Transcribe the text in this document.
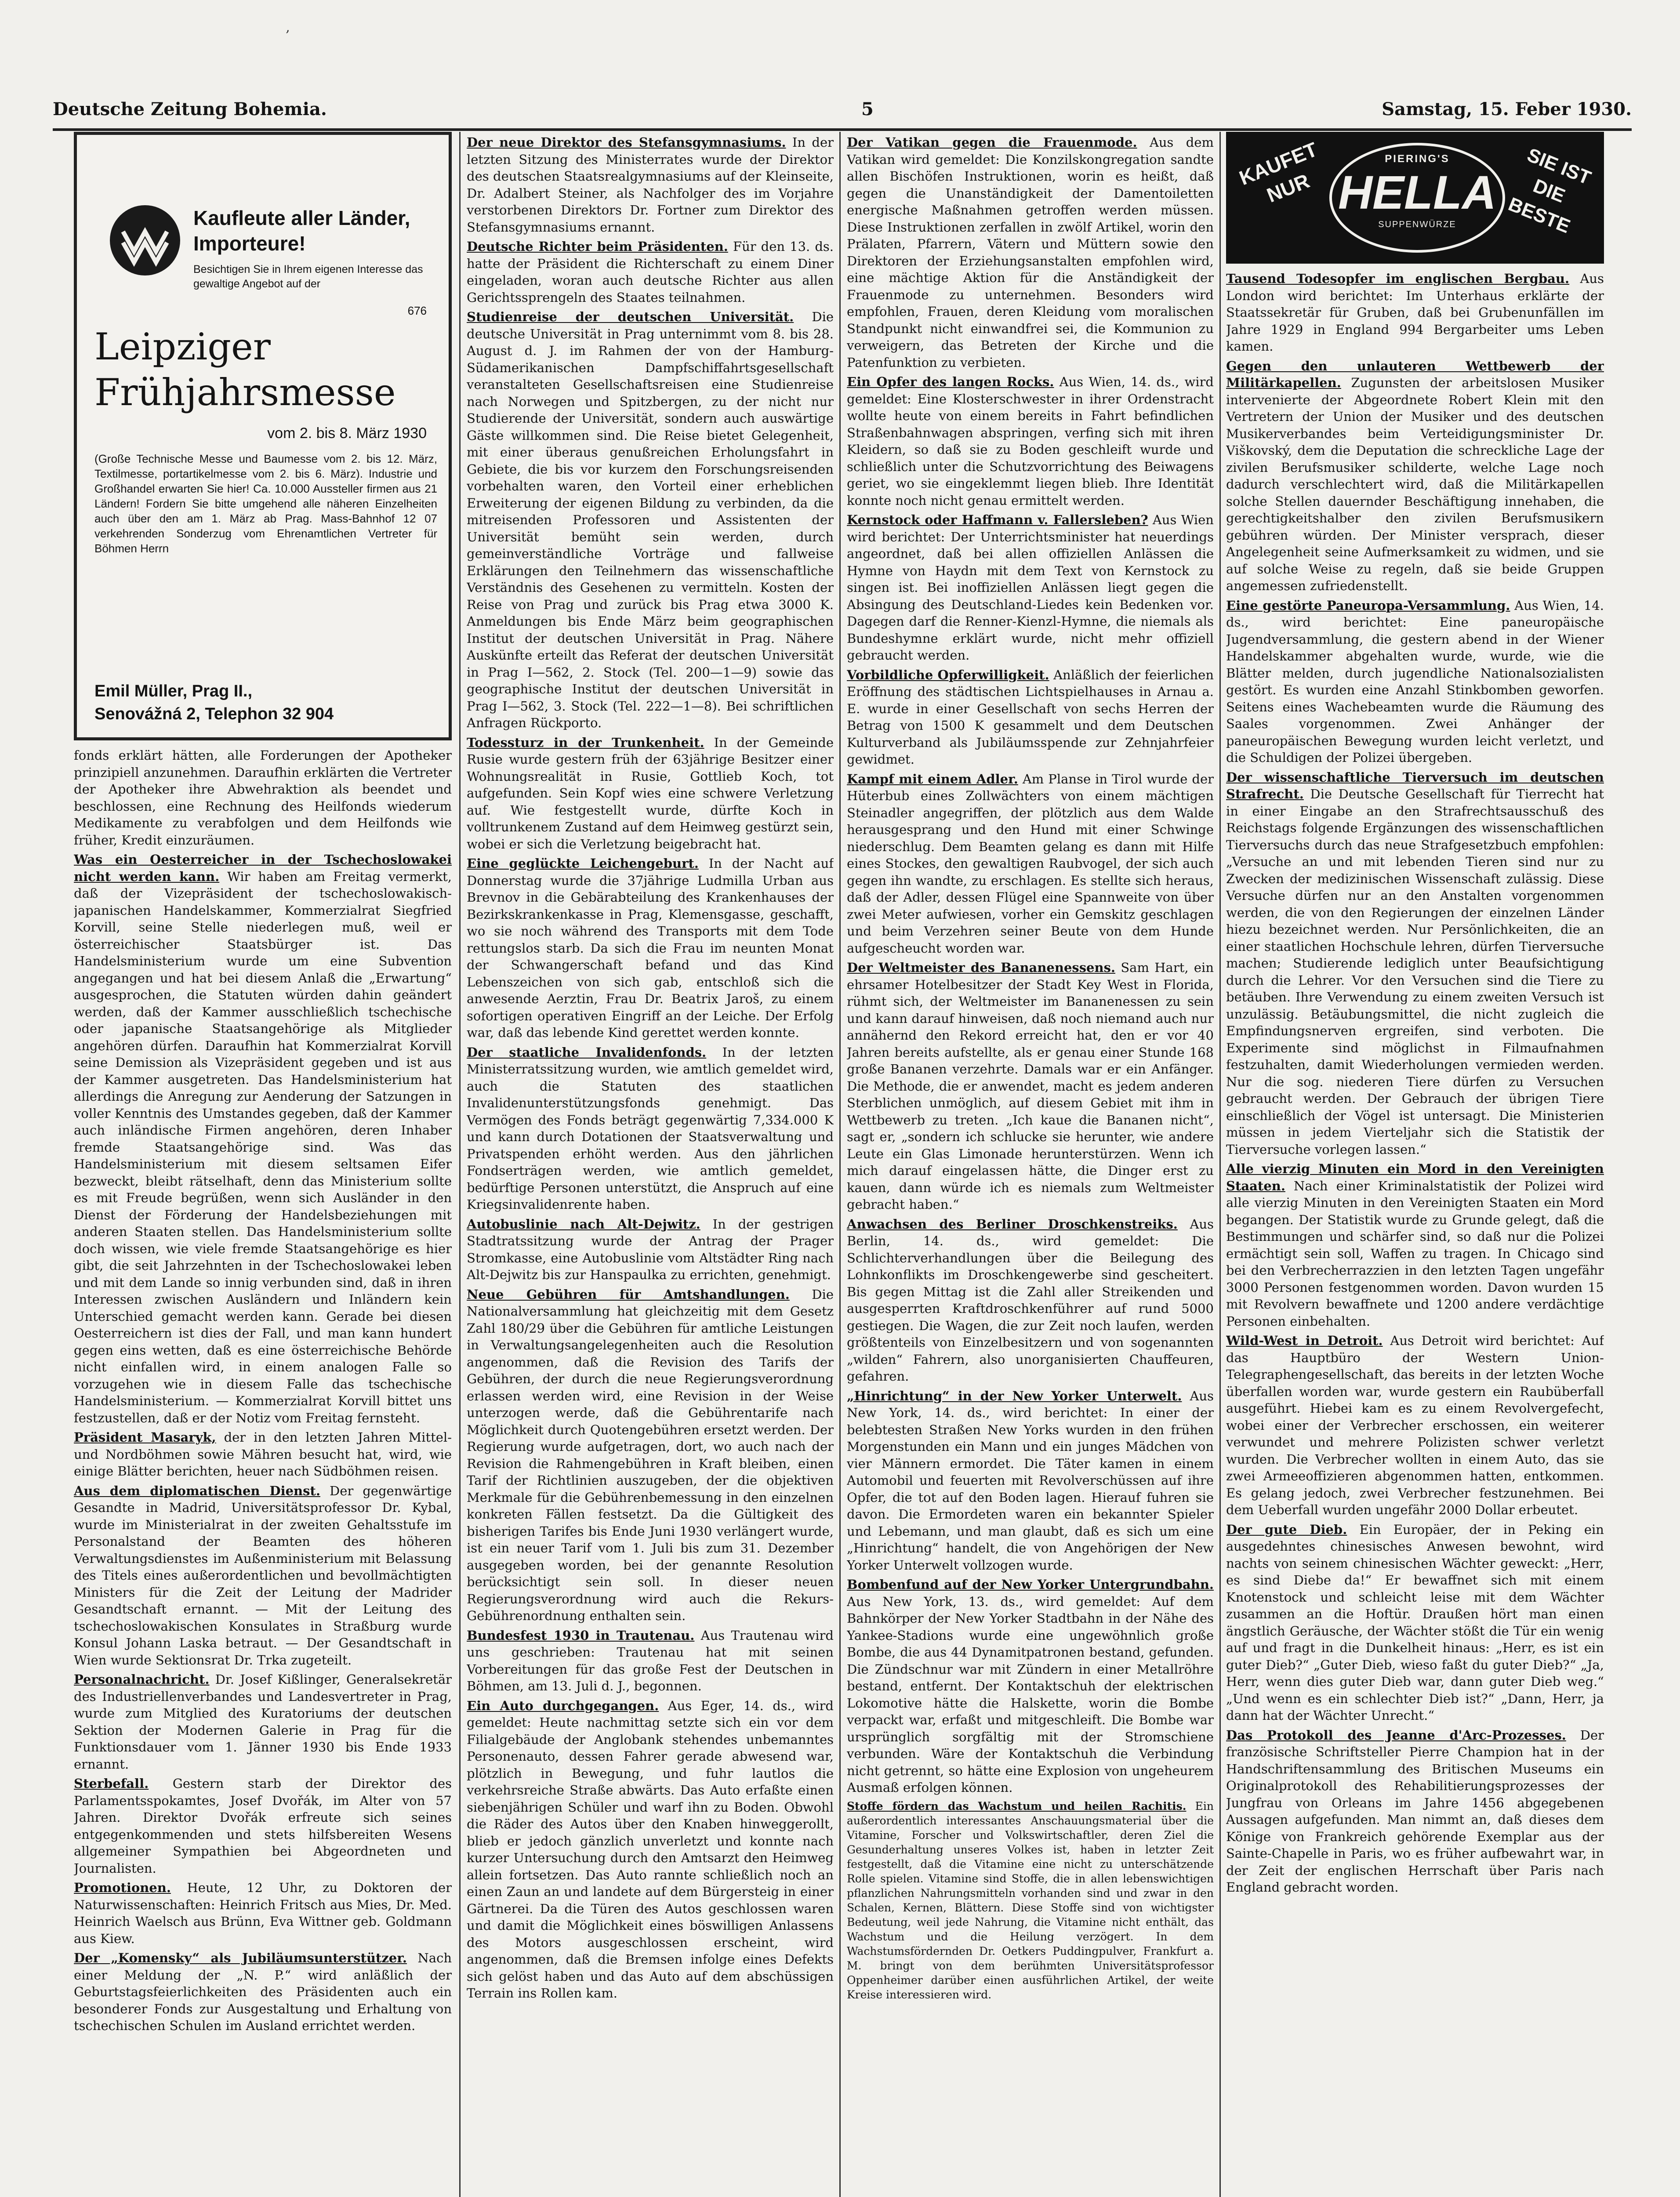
‚
Deutsche Zeitung Bohemia.	5	Samstag, 15. Feber 1930.
Kaufleute aller Länder, Importeure!
Besichtigen Sie in Ihrem eigenen Interesse das gewaltige Angebot auf der
676
Leipziger
Frühjahrsmesse
vom 2. bis 8. März 1930
(Große Technische Messe und Baumesse vom 2. bis 12. März, Textilmesse, portartikelmesse vom 2. bis 6. März). Industrie und Großhandel erwarten Sie hier! Ca. 10.000 Aussteller firmen aus 21 Ländern! Fordern Sie bitte umgehend alle näheren Einzelheiten auch über den am 1. März ab Prag. Mass-Bahnhof 12 07 verkehrenden Sonderzug vom Ehrenamtlichen Vertreter für Böhmen Herrn
Emil Müller, Prag II.,
Senovážná 2, Telephon 32 904
KAUFET NUR
PIERING'S
HELLA
SUPPENWÜRZE
SIE IST DIE BESTE

fonds erklärt hätten, alle Forderungen der Apotheker prinzipiell anzunehmen. Daraufhin erklärten die Vertreter der Apotheker ihre Abwehraktion als beendet und beschlossen, eine Rechnung des Heilfonds wiederum Medikamente zu verabfolgen und dem Heilfonds wie früher, Kredit einzuräumen.

Was ein Oesterreicher in der Tschechoslowakei nicht werden kann. Wir haben am Freitag vermerkt, daß der Vizepräsident der tschechoslowakisch-japanischen Handelskammer, Kommerzialrat Siegfried Korvill, seine Stelle niederlegen muß, weil er österreichischer Staatsbürger ist. Das Handelsministerium wurde um eine Subvention angegangen und hat bei diesem Anlaß die „Erwartung“ ausgesprochen, die Statuten würden dahin geändert werden, daß der Kammer ausschließlich tschechische oder japanische Staatsangehörige als Mitglieder angehören dürfen. Daraufhin hat Kommerzialrat Korvill seine Demission als Vizepräsident gegeben und ist aus der Kammer ausgetreten. Das Handelsministerium hat allerdings die Anregung zur Aenderung der Satzungen in voller Kenntnis des Umstandes gegeben, daß der Kammer auch inländische Firmen angehören, deren Inhaber fremde Staatsangehörige sind. Was das Handelsministerium mit diesem seltsamen Eifer bezweckt, bleibt rätselhaft, denn das Ministerium sollte es mit Freude begrüßen, wenn sich Ausländer in den Dienst der Förderung der Handelsbeziehungen mit anderen Staaten stellen. Das Handelsministerium sollte doch wissen, wie viele fremde Staatsangehörige es hier gibt, die seit Jahrzehnten in der Tschechoslowakei leben und mit dem Lande so innig verbunden sind, daß in ihren Interessen zwischen Ausländern und Inländern kein Unterschied gemacht werden kann. Gerade bei diesen Oesterreichern ist dies der Fall, und man kann hundert gegen eins wetten, daß es eine österreichische Behörde nicht einfallen wird, in einem analogen Falle so vorzugehen wie in diesem Falle das tschechische Handelsministerium. — Kommerzialrat Korvill bittet uns festzustellen, daß er der Notiz vom Freitag fernsteht.

Präsident Masaryk, der in den letzten Jahren Mittel- und Nordböhmen sowie Mähren besucht hat, wird, wie einige Blätter berichten, heuer nach Südböhmen reisen.

Aus dem diplomatischen Dienst. Der gegenwärtige Gesandte in Madrid, Universitätsprofessor Dr. Kybal, wurde im Ministerialrat in der zweiten Gehaltsstufe im Personalstand der Beamten des höheren Verwaltungsdienstes im Außenministerium mit Belassung des Titels eines außerordentlichen und bevollmächtigten Ministers für die Zeit der Leitung der Madrider Gesandtschaft ernannt. — Mit der Leitung des tschechoslowakischen Konsulates in Straßburg wurde Konsul Johann Laska betraut. — Der Gesandtschaft in Wien wurde Sektionsrat Dr. Trka zugeteilt.

Personalnachricht. Dr. Josef Kißlinger, Generalsekretär des Industriellenverbandes und Landesvertreter in Prag, wurde zum Mitglied des Kuratoriums der deutschen Sektion der Modernen Galerie in Prag für die Funktionsdauer vom 1. Jänner 1930 bis Ende 1933 ernannt.

Sterbefall. Gestern starb der Direktor des Parlamentsspokamtes, Josef Dvořák, im Alter von 57 Jahren. Direktor Dvořák erfreute sich seines entgegenkommenden und stets hilfsbereiten Wesens allgemeiner Sympathien bei Abgeordneten und Journalisten.

Promotionen. Heute, 12 Uhr, zu Doktoren der Naturwissenschaften: Heinrich Fritsch aus Mies, Dr. Med. Heinrich Waelsch aus Brünn, Eva Wittner geb. Goldmann aus Kiew.

Der „Komensky“ als Jubiläumsunterstützer. Nach einer Meldung der „N. P.“ wird anläßlich der Geburtstagsfeierlichkeiten des Präsidenten auch ein besonderer Fonds zur Ausgestaltung und Erhaltung von tschechischen Schulen im Ausland errichtet werden.

Der neue Direktor des Stefansgymnasiums. In der letzten Sitzung des Ministerrates wurde der Direktor des deutschen Staatsrealgymnasiums auf der Kleinseite, Dr. Adalbert Steiner, als Nachfolger des im Vorjahre verstorbenen Direktors Dr. Fortner zum Direktor des Stefansgymnasiums ernannt.

Deutsche Richter beim Präsidenten. Für den 13. ds. hatte der Präsident die Richterschaft zu einem Diner eingeladen, woran auch deutsche Richter aus allen Gerichtssprengeln des Staates teilnahmen.

Studienreise der deutschen Universität. Die deutsche Universität in Prag unternimmt vom 8. bis 28. August d. J. im Rahmen der von der Hamburg-Südamerikanischen Dampfschiffahrtsgesellschaft veranstalteten Gesellschaftsreisen eine Studienreise nach Norwegen und Spitzbergen, zu der nicht nur Studierende der Universität, sondern auch auswärtige Gäste willkommen sind. Die Reise bietet Gelegenheit, mit einer überaus genußreichen Erholungsfahrt in Gebiete, die bis vor kurzem den Forschungsreisenden vorbehalten waren, den Vorteil einer erheblichen Erweiterung der eigenen Bildung zu verbinden, da die mitreisenden Professoren und Assistenten der Universität bemüht sein werden, durch gemeinverständliche Vorträge und fallweise Erklärungen den Teilnehmern das wissenschaftliche Verständnis des Gesehenen zu vermitteln. Kosten der Reise von Prag und zurück bis Prag etwa 3000 K. Anmeldungen bis Ende März beim geographischen Institut der deutschen Universität in Prag. Nähere Auskünfte erteilt das Referat der deutschen Universität in Prag I—562, 2. Stock (Tel. 200—1—9) sowie das geographische Institut der deutschen Universität in Prag I—562, 3. Stock (Tel. 222—1—8). Bei schriftlichen Anfragen Rückporto.

Todessturz in der Trunkenheit. In der Gemeinde Rusie wurde gestern früh der 63jährige Besitzer einer Wohnungsrealität in Rusie, Gottlieb Koch, tot aufgefunden. Sein Kopf wies eine schwere Verletzung auf. Wie festgestellt wurde, dürfte Koch in volltrunkenem Zustand auf dem Heimweg gestürzt sein, wobei er sich die Verletzung beigebracht hat.

Eine geglückte Leichengeburt. In der Nacht auf Donnerstag wurde die 37jährige Ludmilla Urban aus Brevnov in die Gebärabteilung des Krankenhauses der Bezirkskrankenkasse in Prag, Klemensgasse, geschafft, wo sie noch während des Transports mit dem Tode rettungslos starb. Da sich die Frau im neunten Monat der Schwangerschaft befand und das Kind Lebenszeichen von sich gab, entschloß sich die anwesende Aerztin, Frau Dr. Beatrix Jaroš, zu einem sofortigen operativen Eingriff an der Leiche. Der Erfolg war, daß das lebende Kind gerettet werden konnte.

Der staatliche Invalidenfonds. In der letzten Ministerratssitzung wurden, wie amtlich gemeldet wird, auch die Statuten des staatlichen Invalidenunterstützungsfonds genehmigt. Das Vermögen des Fonds beträgt gegenwärtig 7,334.000 K und kann durch Dotationen der Staatsverwaltung und Privatspenden erhöht werden. Aus den jährlichen Fondserträgen werden, wie amtlich gemeldet, bedürftige Personen unterstützt, die Anspruch auf eine Kriegsinvalidenrente haben.

Autobuslinie nach Alt-Dejwitz. In der gestrigen Stadtratssitzung wurde der Antrag der Prager Stromkasse, eine Autobuslinie vom Altstädter Ring nach Alt-Dejwitz bis zur Hanspaulka zu errichten, genehmigt.

Neue Gebühren für Amtshandlungen. Die Nationalversammlung hat gleichzeitig mit dem Gesetz Zahl 180/29 über die Gebühren für amtliche Leistungen in Verwaltungsangelegenheiten auch die Resolution angenommen, daß die Revision des Tarifs der Gebühren, der durch die neue Regierungsverordnung erlassen werden wird, eine Revision in der Weise unterzogen werde, daß die Gebührentarife nach Möglichkeit durch Quotengebühren ersetzt werden. Der Regierung wurde aufgetragen, dort, wo auch nach der Revision die Rahmengebühren in Kraft bleiben, einen Tarif der Richtlinien auszugeben, der die objektiven Merkmale für die Gebührenbemessung in den einzelnen konkreten Fällen festsetzt. Da die Gültigkeit des bisherigen Tarifes bis Ende Juni 1930 verlängert wurde, ist ein neuer Tarif vom 1. Juli bis zum 31. Dezember ausgegeben worden, bei der genannte Resolution berücksichtigt sein soll. In dieser neuen Regierungsverordnung wird auch die Rekurs-Gebührenordnung enthalten sein.

Bundesfest 1930 in Trautenau. Aus Trautenau wird uns geschrieben: Trautenau hat mit seinen Vorbereitungen für das große Fest der Deutschen in Böhmen, am 13. Juli d. J., begonnen.

Ein Auto durchgegangen. Aus Eger, 14. ds., wird gemeldet: Heute nachmittag setzte sich ein vor dem Filialgebäude der Anglobank stehendes unbemanntes Personenauto, dessen Fahrer gerade abwesend war, plötzlich in Bewegung, und fuhr lautlos die verkehrsreiche Straße abwärts. Das Auto erfaßte einen siebenjährigen Schüler und warf ihn zu Boden. Obwohl die Räder des Autos über den Knaben hinweggerollt, blieb er jedoch gänzlich unverletzt und konnte nach kurzer Untersuchung durch den Amtsarzt den Heimweg allein fortsetzen. Das Auto rannte schließlich noch an einen Zaun an und landete auf dem Bürgersteig in einer Gärtnerei. Da die Türen des Autos geschlossen waren und damit die Möglichkeit eines böswilligen Anlassens des Motors ausgeschlossen erscheint, wird angenommen, daß die Bremsen infolge eines Defekts sich gelöst haben und das Auto auf dem abschüssigen Terrain ins Rollen kam.

Der Vatikan gegen die Frauenmode. Aus dem Vatikan wird gemeldet: Die Konzilskongregation sandte allen Bischöfen Instruktionen, worin es heißt, daß gegen die Unanständigkeit der Damentoiletten energische Maßnahmen getroffen werden müssen. Diese Instruktionen zerfallen in zwölf Artikel, worin den Prälaten, Pfarrern, Vätern und Müttern sowie den Direktoren der Erziehungsanstalten empfohlen wird, eine mächtige Aktion für die Anständigkeit der Frauenmode zu unternehmen. Besonders wird empfohlen, Frauen, deren Kleidung vom moralischen Standpunkt nicht einwandfrei sei, die Kommunion zu verweigern, das Betreten der Kirche und die Patenfunktion zu verbieten.

Ein Opfer des langen Rocks. Aus Wien, 14. ds., wird gemeldet: Eine Klosterschwester in ihrer Ordenstracht wollte heute von einem bereits in Fahrt befindlichen Straßenbahnwagen abspringen, verfing sich mit ihren Kleidern, so daß sie zu Boden geschleift wurde und schließlich unter die Schutzvorrichtung des Beiwagens geriet, wo sie eingeklemmt liegen blieb. Ihre Identität konnte noch nicht genau ermittelt werden.

Kernstock oder Haffmann v. Fallersleben? Aus Wien wird berichtet: Der Unterrichtsminister hat neuerdings angeordnet, daß bei allen offiziellen Anlässen die Hymne von Haydn mit dem Text von Kernstock zu singen ist. Bei inoffiziellen Anlässen liegt gegen die Absingung des Deutschland-Liedes kein Bedenken vor. Dagegen darf die Renner-Kienzl-Hymne, die niemals als Bundeshymne erklärt wurde, nicht mehr offiziell gebraucht werden.

Vorbildliche Opferwilligkeit. Anläßlich der feierlichen Eröffnung des städtischen Lichtspielhauses in Arnau a. E. wurde in einer Gesellschaft von sechs Herren der Betrag von 1500 K gesammelt und dem Deutschen Kulturverband als Jubiläumsspende zur Zehnjahrfeier gewidmet.

Kampf mit einem Adler. Am Planse in Tirol wurde der Hüterbub eines Zollwächters von einem mächtigen Steinadler angegriffen, der plötzlich aus dem Walde herausgesprang und den Hund mit einer Schwinge niederschlug. Dem Beamten gelang es dann mit Hilfe eines Stockes, den gewaltigen Raubvogel, der sich auch gegen ihn wandte, zu erschlagen. Es stellte sich heraus, daß der Adler, dessen Flügel eine Spannweite von über zwei Meter aufwiesen, vorher ein Gemskitz geschlagen und beim Verzehren seiner Beute von dem Hunde aufgescheucht worden war.

Der Weltmeister des Bananenessens. Sam Hart, ein ehrsamer Hotelbesitzer der Stadt Key West in Florida, rühmt sich, der Weltmeister im Bananenessen zu sein und kann darauf hinweisen, daß noch niemand auch nur annähernd den Rekord erreicht hat, den er vor 40 Jahren bereits aufstellte, als er genau einer Stunde 168 große Bananen verzehrte. Damals war er ein Anfänger. Die Methode, die er anwendet, macht es jedem anderen Sterblichen unmöglich, auf diesem Gebiet mit ihm in Wettbewerb zu treten. „Ich kaue die Bananen nicht“, sagt er, „sondern ich schlucke sie herunter, wie andere Leute ein Glas Limonade herunterstürzen. Wenn ich mich darauf eingelassen hätte, die Dinger erst zu kauen, dann würde ich es niemals zum Weltmeister gebracht haben.“

Anwachsen des Berliner Droschkenstreiks. Aus Berlin, 14. ds., wird gemeldet: Die Schlichterverhandlungen über die Beilegung des Lohnkonflikts im Droschkengewerbe sind gescheitert. Bis gegen Mittag ist die Zahl aller Streikenden und ausgesperrten Kraftdroschkenführer auf rund 5000 gestiegen. Die Wagen, die zur Zeit noch laufen, werden größtenteils von Einzelbesitzern und von sogenannten „wilden“ Fahrern, also unorganisierten Chauffeuren, gefahren.

„Hinrichtung“ in der New Yorker Unterwelt. Aus New York, 14. ds., wird berichtet: In einer der belebtesten Straßen New Yorks wurden in den frühen Morgenstunden ein Mann und ein junges Mädchen von vier Männern ermordet. Die Täter kamen in einem Automobil und feuerten mit Revolverschüssen auf ihre Opfer, die tot auf den Boden lagen. Hierauf fuhren sie davon. Die Ermordeten waren ein bekannter Spieler und Lebemann, und man glaubt, daß es sich um eine „Hinrichtung“ handelt, die von Angehörigen der New Yorker Unterwelt vollzogen wurde.

Bombenfund auf der New Yorker Untergrundbahn. Aus New York, 13. ds., wird gemeldet: Auf dem Bahnkörper der New Yorker Stadtbahn in der Nähe des Yankee-Stadions wurde eine ungewöhnlich große Bombe, die aus 44 Dynamitpatronen bestand, gefunden. Die Zündschnur war mit Zündern in einer Metallröhre bestand, entfernt. Der Kontaktschuh der elektrischen Lokomotive hätte die Halskette, worin die Bombe verpackt war, erfaßt und mitgeschleift. Die Bombe war ursprünglich sorgfältig mit der Stromschiene verbunden. Wäre der Kontaktschuh die Verbindung nicht getrennt, so hätte eine Explosion von ungeheurem Ausmaß erfolgen können.

Stoffe fördern das Wachstum und heilen Rachitis. Ein außerordentlich interessantes Anschauungsmaterial über die Vitamine, Forscher und Volkswirtschaftler, deren Ziel die Gesunderhaltung unseres Volkes ist, haben in letzter Zeit festgestellt, daß die Vitamine eine nicht zu unterschätzende Rolle spielen. Vitamine sind Stoffe, die in allen lebenswichtigen pflanzlichen Nahrungsmitteln vorhanden sind und zwar in den Schalen, Kernen, Blättern. Diese Stoffe sind von wichtigster Bedeutung, weil jede Nahrung, die Vitamine nicht enthält, das Wachstum und die Heilung verzögert. In dem Wachstumsfördernden Dr. Oetkers Puddingpulver, Frankfurt a. M. bringt von dem berühmten Universitätsprofessor Oppenheimer darüber einen ausführlichen Artikel, der weite Kreise interessieren wird.

Tausend Todesopfer im englischen Bergbau. Aus London wird berichtet: Im Unterhaus erklärte der Staatssekretär für Gruben, daß bei Grubenunfällen im Jahre 1929 in England 994 Bergarbeiter ums Leben kamen.

Gegen den unlauteren Wettbewerb der Militärkapellen. Zugunsten der arbeitslosen Musiker intervenierte der Abgeordnete Robert Klein mit den Vertretern der Union der Musiker und des deutschen Musikerverbandes beim Verteidigungsminister Dr. Viškovský, dem die Deputation die schreckliche Lage der zivilen Berufsmusiker schilderte, welche Lage noch dadurch verschlechtert wird, daß die Militärkapellen solche Stellen dauernder Beschäftigung innehaben, die gerechtigkeitshalber den zivilen Berufsmusikern gebühren würden. Der Minister versprach, dieser Angelegenheit seine Aufmerksamkeit zu widmen, und sie auf solche Weise zu regeln, daß sie beide Gruppen angemessen zufriedenstellt.

Eine gestörte Paneuropa-Versammlung. Aus Wien, 14. ds., wird berichtet: Eine paneuropäische Jugendversammlung, die gestern abend in der Wiener Handelskammer abgehalten wurde, wurde, wie die Blätter melden, durch jugendliche Nationalsozialisten gestört. Es wurden eine Anzahl Stinkbomben geworfen. Seitens eines Wachebeamten wurde die Räumung des Saales vorgenommen. Zwei Anhänger der paneuropäischen Bewegung wurden leicht verletzt, und die Schuldigen der Polizei übergeben.

Der wissenschaftliche Tierversuch im deutschen Strafrecht. Die Deutsche Gesellschaft für Tierrecht hat in einer Eingabe an den Strafrechtsausschuß des Reichstags folgende Ergänzungen des wissenschaftlichen Tierversuchs durch das neue Strafgesetzbuch empfohlen: „Versuche an und mit lebenden Tieren sind nur zu Zwecken der medizinischen Wissenschaft zulässig. Diese Versuche dürfen nur an den Anstalten vorgenommen werden, die von den Regierungen der einzelnen Länder hiezu bezeichnet werden. Nur Persönlichkeiten, die an einer staatlichen Hochschule lehren, dürfen Tierversuche machen; Studierende lediglich unter Beaufsichtigung durch die Lehrer. Vor den Versuchen sind die Tiere zu betäuben. Ihre Verwendung zu einem zweiten Versuch ist unzulässig. Betäubungsmittel, die nicht zugleich die Empfindungsnerven ergreifen, sind verboten. Die Experimente sind möglichst in Filmaufnahmen festzuhalten, damit Wiederholungen vermieden werden. Nur die sog. niederen Tiere dürfen zu Versuchen gebraucht werden. Der Gebrauch der übrigen Tiere einschließlich der Vögel ist untersagt. Die Ministerien müssen in jedem Vierteljahr sich die Statistik der Tierversuche vorlegen lassen.“

Alle vierzig Minuten ein Mord in den Vereinigten Staaten. Nach einer Kriminalstatistik der Polizei wird alle vierzig Minuten in den Vereinigten Staaten ein Mord begangen. Der Statistik wurde zu Grunde gelegt, daß die Bestimmungen und schärfer sind, so daß nur die Polizei ermächtigt sein soll, Waffen zu tragen. In Chicago sind bei den Verbrecherrazzien in den letzten Tagen ungefähr 3000 Personen festgenommen worden. Davon wurden 15 mit Revolvern bewaffnete und 1200 andere verdächtige Personen einbehalten.

Wild-West in Detroit. Aus Detroit wird berichtet: Auf das Hauptbüro der Western Union-Telegraphengesellschaft, das bereits in der letzten Woche überfallen worden war, wurde gestern ein Raubüberfall ausgeführt. Hiebei kam es zu einem Revolvergefecht, wobei einer der Verbrecher erschossen, ein weiterer verwundet und mehrere Polizisten schwer verletzt wurden. Die Verbrecher wollten in einem Auto, das sie zwei Armeeoffizieren abgenommen hatten, entkommen. Es gelang jedoch, zwei Verbrecher festzunehmen. Bei dem Ueberfall wurden ungefähr 2000 Dollar erbeutet.

Der gute Dieb. Ein Europäer, der in Peking ein ausgedehntes chinesisches Anwesen bewohnt, wird nachts von seinem chinesischen Wächter geweckt: „Herr, es sind Diebe da!“ Er bewaffnet sich mit einem Knotenstock und schleicht leise mit dem Wächter zusammen an die Hoftür. Draußen hört man einen ängstlich Geräusche, der Wächter stößt die Tür ein wenig auf und fragt in die Dunkelheit hinaus: „Herr, es ist ein guter Dieb?“ „Guter Dieb, wieso faßt du guter Dieb?“ „Ja, Herr, wenn dies guter Dieb war, dann guter Dieb weg.“ „Und wenn es ein schlechter Dieb ist?“ „Dann, Herr, ja dann hat der Wächter Unrecht.“

Das Protokoll des Jeanne d'Arc-Prozesses. Der französische Schriftsteller Pierre Champion hat in der Handschriftensammlung des Britischen Museums ein Originalprotokoll des Rehabilitierungsprozesses der Jungfrau von Orleans im Jahre 1456 abgegebenen Aussagen aufgefunden. Man nimmt an, daß dieses dem Könige von Frankreich gehörende Exemplar aus der Sainte-Chapelle in Paris, wo es früher aufbewahrt war, in der Zeit der englischen Herrschaft über Paris nach England gebracht worden.
